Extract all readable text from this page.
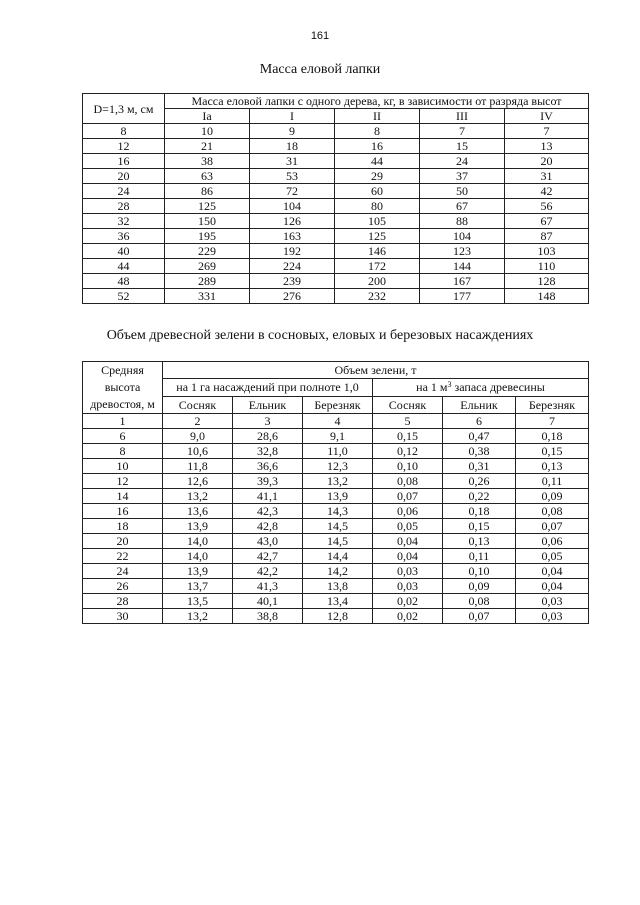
161
Масса еловой лапки
D=1,3 м, см	Масса еловой лапки с одного дерева, кг, в зависимости от разряда высот				
	Ia	I	II	III	IV
8	10	9	8	7	7
12	21	18	16	15	13
16	38	31	44	24	20
20	63	53	29	37	31
24	86	72	60	50	42
28	125	104	80	67	56
32	150	126	105	88	67
36	195	163	125	104	87
40	229	192	146	123	103
44	269	224	172	144	110
48	289	239	200	167	128
52	331	276	232	177	148
Объем древесной зелени в сосновых, еловых и березовых насаждениях
Средняя
высота
древостоя, м	Объем зелени, т					
	на 1 га насаждений при полноте 1,0			на 1 $м^3$ запаса древесины		
	Сосняк	Ельник	Березняк	Сосняк	Ельник	Березняк
1	2	3	4	5	6	7
6	9,0	28,6	9,1	0,15	0,47	0,18
8	10,6	32,8	11,0	0,12	0,38	0,15
10	11,8	36,6	12,3	0,10	0,31	0,13
12	12,6	39,3	13,2	0,08	0,26	0,11
14	13,2	41,1	13,9	0,07	0,22	0,09
16	13,6	42,3	14,3	0,06	0,18	0,08
18	13,9	42,8	14,5	0,05	0,15	0,07
20	14,0	43,0	14,5	0,04	0,13	0,06
22	14,0	42,7	14,4	0,04	0,11	0,05
24	13,9	42,2	14,2	0,03	0,10	0,04
26	13,7	41,3	13,8	0,03	0,09	0,04
28	13,5	40,1	13,4	0,02	0,08	0,03
30	13,2	38,8	12,8	0,02	0,07	0,03
